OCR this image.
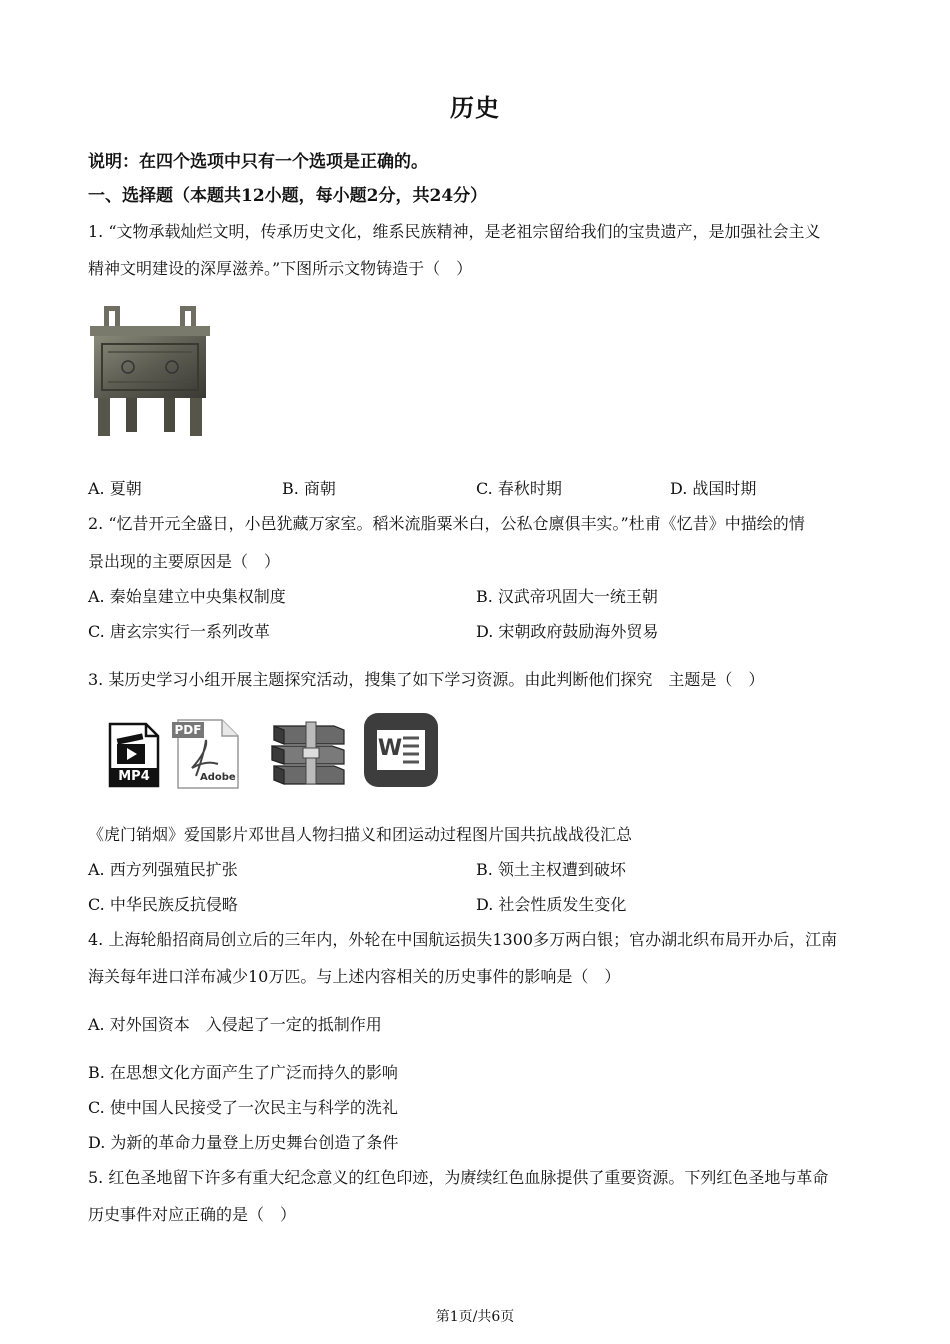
历史
说明：在四个选项中只有一个选项是正确的。
一、选择题（本题共12小题，每小题2分，共24分）
1. “文物承载灿烂文明，传承历史文化，维系民族精神，是老祖宗留给我们的宝贵遗产，是加强社会主义
精神文明建设的深厚滋养。”下图所示文物铸造于（　）
A. 夏朝	B. 商朝	C. 春秋时期	D. 战国时期
2. “忆昔开元全盛日，小邑犹藏万家室。稻米流脂粟米白，公私仓廪俱丰实。”杜甫《忆昔》中描绘的情
景出现的主要原因是（　）
A. 秦始皇建立中央集权制度	B. 汉武帝巩固大一统王朝
C. 唐玄宗实行一系列改革	D. 宋朝政府鼓励海外贸易
3. 某历史学习小组开展主题探究活动，搜集了如下学习资源。由此判断他们探究　主题是（　）
MP4
PDF
Adobe
W
《虎门销烟》爱国影片邓世昌人物扫描义和团运动过程图片国共抗战战役汇总
A. 西方列强殖民扩张	B. 领土主权遭到破坏
C. 中华民族反抗侵略	D. 社会性质发生变化
4. 上海轮船招商局创立后的三年内，外轮在中国航运损失1300多万两白银；官办湖北织布局开办后，江南
海关每年进口洋布减少10万匹。与上述内容相关的历史事件的影响是（　）
A. 对外国资本　入侵起了一定的抵制作用
B. 在思想文化方面产生了广泛而持久的影响
C. 使中国人民接受了一次民主与科学的洗礼
D. 为新的革命力量登上历史舞台创造了条件
5. 红色圣地留下许多有重大纪念意义的红色印迹，为赓续红色血脉提供了重要资源。下列红色圣地与革命
历史事件对应正确的是（　）
第1页/共6页
